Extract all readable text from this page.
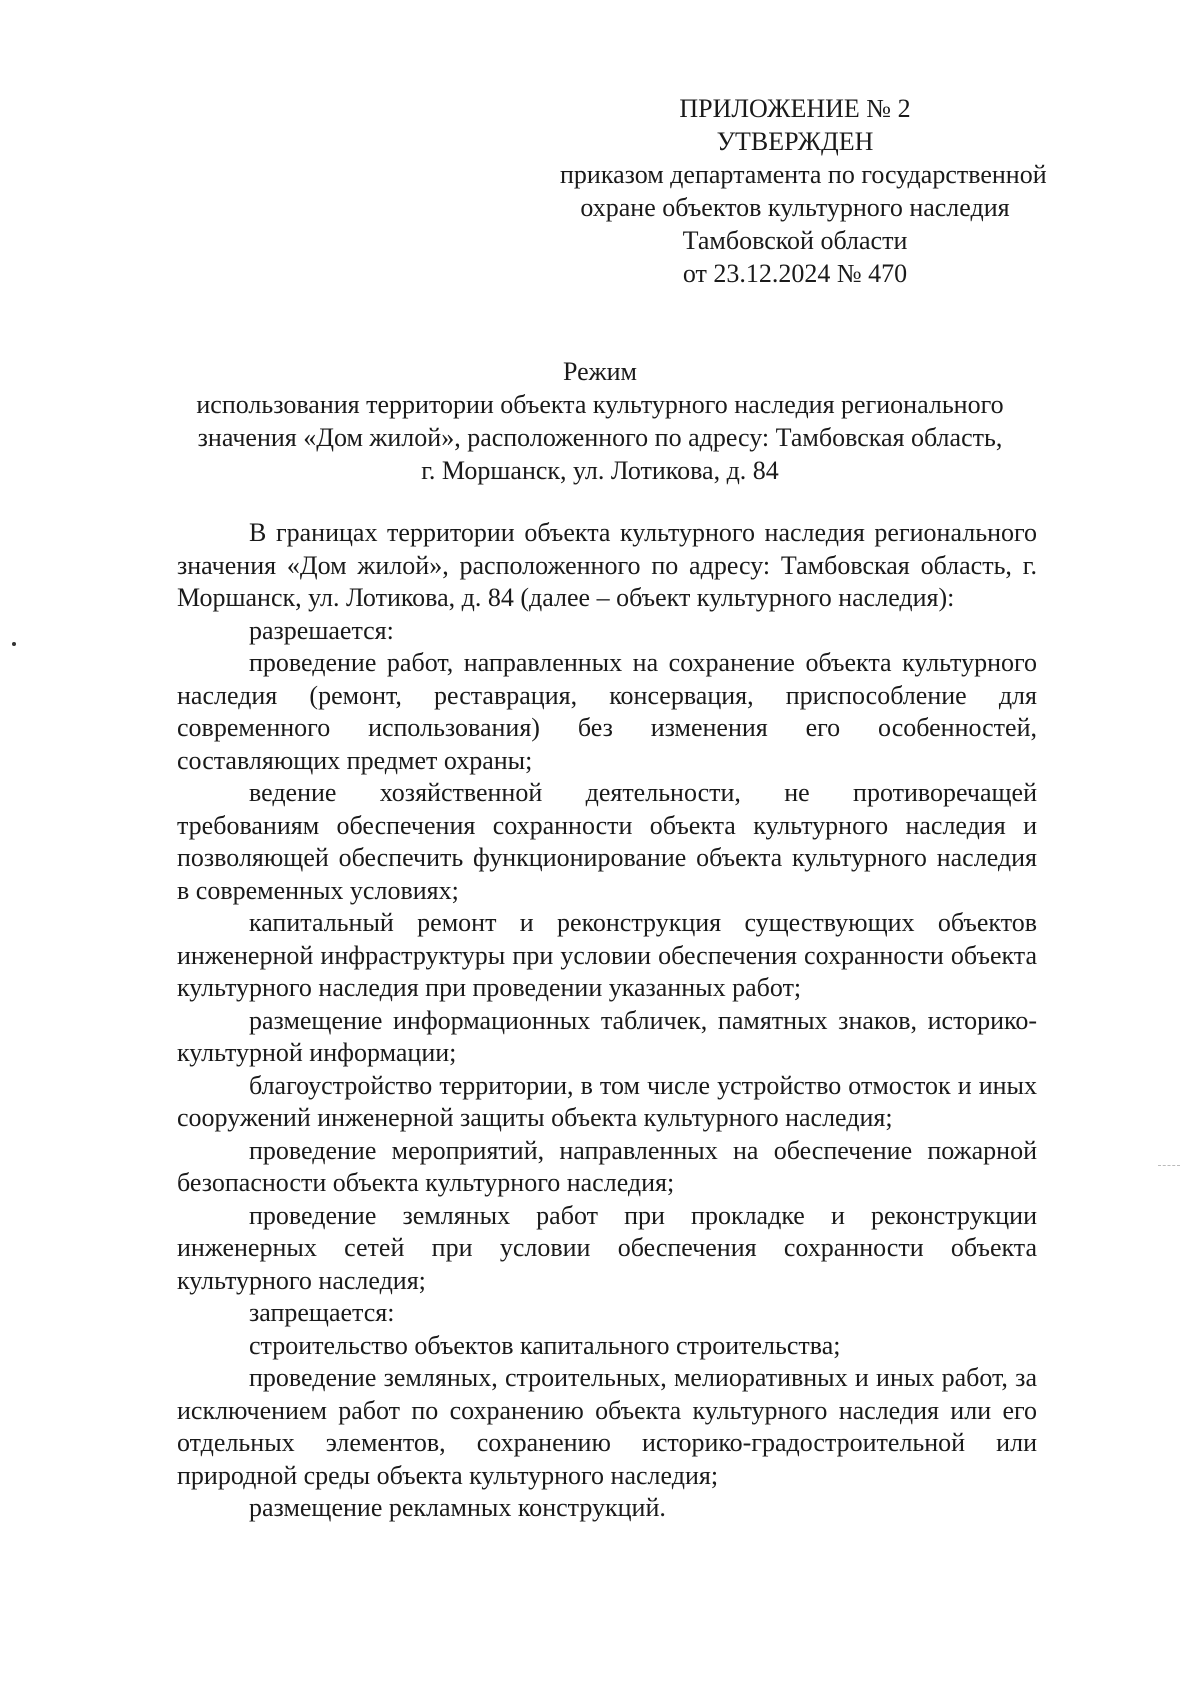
ПРИЛОЖЕНИЕ № 2
УТВЕРЖДЕН
приказом департамента по государственной
охране объектов культурного наследия
Тамбовской области
от 23.12.2024 № 470
Режим
использования территории объекта культурного наследия регионального
значения «Дом жилой», расположенного по адресу: Тамбовская область,
г. Моршанск, ул. Лотикова, д. 84

В границах территории объекта культурного наследия регионального значения «Дом жилой», расположенного по адресу: Тамбовская область, г. Моршанск, ул. Лотикова, д. 84 (далее – объект культурного наследия):

разрешается:

проведение работ, направленных на сохранение объекта культурного наследия (ремонт, реставрация, консервация, приспособление для современного использования) без изменения его особенностей, составляющих предмет охраны;

ведение хозяйственной деятельности, не противоречащей требованиям обеспечения сохранности объекта культурного наследия и позволяющей обеспечить функционирование объекта культурного наследия в современных условиях;

капитальный ремонт и реконструкция существующих объектов инженерной инфраструктуры при условии обеспечения сохранности объекта культурного наследия при проведении указанных работ;

размещение информационных табличек, памятных знаков, историко-культурной информации;

благоустройство территории, в том числе устройство отмосток и иных сооружений инженерной защиты объекта культурного наследия;

проведение мероприятий, направленных на обеспечение пожарной безопасности объекта культурного наследия;

проведение земляных работ при прокладке и реконструкции инженерных сетей при условии обеспечения сохранности объекта культурного наследия;

запрещается:

строительство объектов капитального строительства;

проведение земляных, строительных, мелиоративных и иных работ, за исключением работ по сохранению объекта культурного наследия или его отдельных элементов, сохранению историко-градостроительной или природной среды объекта культурного наследия;

размещение рекламных конструкций.
